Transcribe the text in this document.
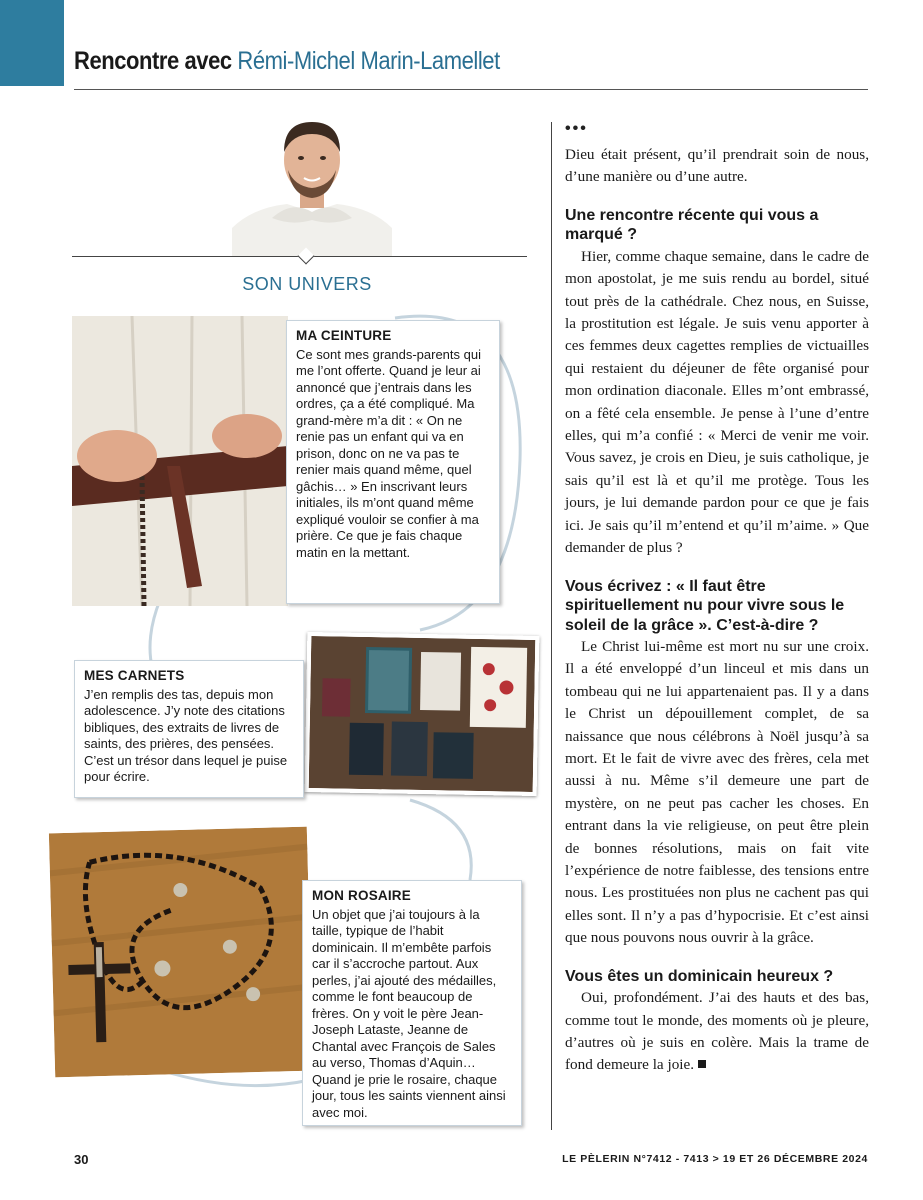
Rencontre avec Rémi-Michel Marin-Lamellet
SON UNIVERS
MA CEINTURE
Ce sont mes grands-parents qui me l’ont offerte. Quand je leur ai annoncé que j’entrais dans les ordres, ça a été compliqué. Ma grand-mère m’a dit : « On ne renie pas un enfant qui va en prison, donc on ne va pas te renier mais quand même, quel gâchis… » En inscrivant leurs initiales, ils m’ont quand même expliqué vouloir se confier à ma prière. Ce que je fais chaque matin en la mettant.
MES CARNETS
J’en remplis des tas, depuis mon adolescence. J’y note des citations bibliques, des extraits de livres de saints, des prières, des pensées. C’est un trésor dans lequel je puise pour écrire.
MON ROSAIRE
Un objet que j’ai toujours à la taille, typique de l’habit dominicain. Il m’embête parfois car il s’accroche partout. Aux perles, j’ai ajouté des médailles, comme le font beaucoup de frères. On y voit le père Jean-Joseph Lataste, Jeanne de Chantal avec François de Sales au verso, Thomas d’Aquin… Quand je prie le rosaire, chaque jour, tous les saints viennent ainsi avec moi.
•••

Dieu était présent, qu’il prendrait soin de nous, d’une manière ou d’une autre.

Une rencontre récente qui vous a marqué ?

Hier, comme chaque semaine, dans le cadre de mon apostolat, je me suis rendu au bordel, situé tout près de la cathédrale. Chez nous, en Suisse, la prostitution est légale. Je suis venu apporter à ces femmes deux cagettes remplies de victuailles qui restaient du déjeuner de fête organisé pour mon ordination diaconale. Elles m’ont embrassé, on a fêté cela ensemble. Je pense à l’une d’entre elles, qui m’a confié : « Merci de venir me voir. Vous savez, je crois en Dieu, je suis catholique, je sais qu’il est là et qu’il me protège. Tous les jours, je lui demande pardon pour ce que je fais ici. Je sais qu’il m’entend et qu’il m’aime. » Que demander de plus ?

Vous écrivez : « Il faut être spirituellement nu pour vivre sous le soleil de la grâce ». C’est-à-dire ?

Le Christ lui-même est mort nu sur une croix. Il a été enveloppé d’un linceul et mis dans un tombeau qui ne lui appartenaient pas. Il y a dans le Christ un dépouillement complet, de sa naissance que nous célébrons à Noël jusqu’à sa mort. Et le fait de vivre avec des frères, cela met aussi à nu. Même s’il demeure une part de mystère, on ne peut pas cacher les choses. En entrant dans la vie religieuse, on peut être plein de bonnes résolutions, mais on fait vite l’expérience de notre faiblesse, des tensions entre nous. Les prostituées non plus ne cachent pas qui elles sont. Il n’y a pas d’hypocrisie. Et c’est ainsi que nous pouvons nous ouvrir à la grâce.

Vous êtes un dominicain heureux ?

Oui, profondément. J’ai des hauts et des bas, comme tout le monde, des moments où je pleure, d’autres où je suis en colère. Mais la trame de fond demeure la joie.

30	LE PÈLERIN N°7412 - 7413 > 19 ET 26 DÉCEMBRE 2024
